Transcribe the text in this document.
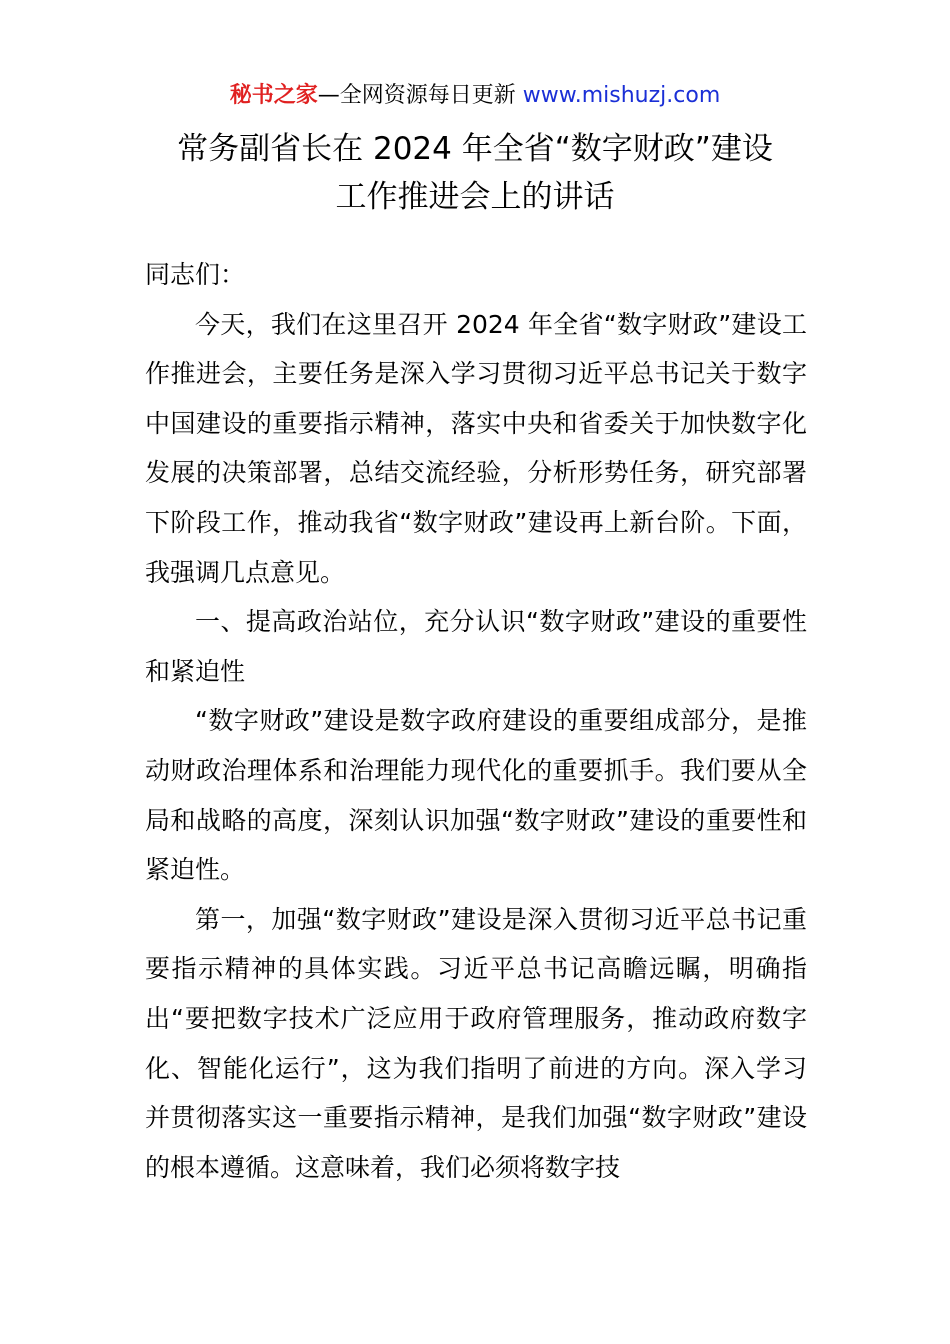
秘书之家—全网资源每日更新 www.mishuzj.com
常务副省长在 2024 年全省“数字财政”建设
工作推进会上的讲话

同志们：

今天，我们在这里召开 2024 年全省“数字财政”建设工作推进会，主要任务是深入学习贯彻习近平总书记关于数字中国建设的重要指示精神，落实中央和省委关于加快数字化发展的决策部署，总结交流经验，分析形势任务，研究部署下阶段工作，推动我省“数字财政”建设再上新台阶。下面，我强调几点意见。

一、提高政治站位，充分认识“数字财政”建设的重要性和紧迫性

“数字财政”建设是数字政府建设的重要组成部分，是推动财政治理体系和治理能力现代化的重要抓手。我们要从全局和战略的高度，深刻认识加强“数字财政”建设的重要性和紧迫性。

第一，加强“数字财政”建设是深入贯彻习近平总书记重要指示精神的具体实践。习近平总书记高瞻远瞩，明确指出“要把数字技术广泛应用于政府管理服务，推动政府数字化、智能化运行”，这为我们指明了前进的方向。深入学习并贯彻落实这一重要指示精神，是我们加强“数字财政”建设的根本遵循。这意味着，我们必须将数字技
